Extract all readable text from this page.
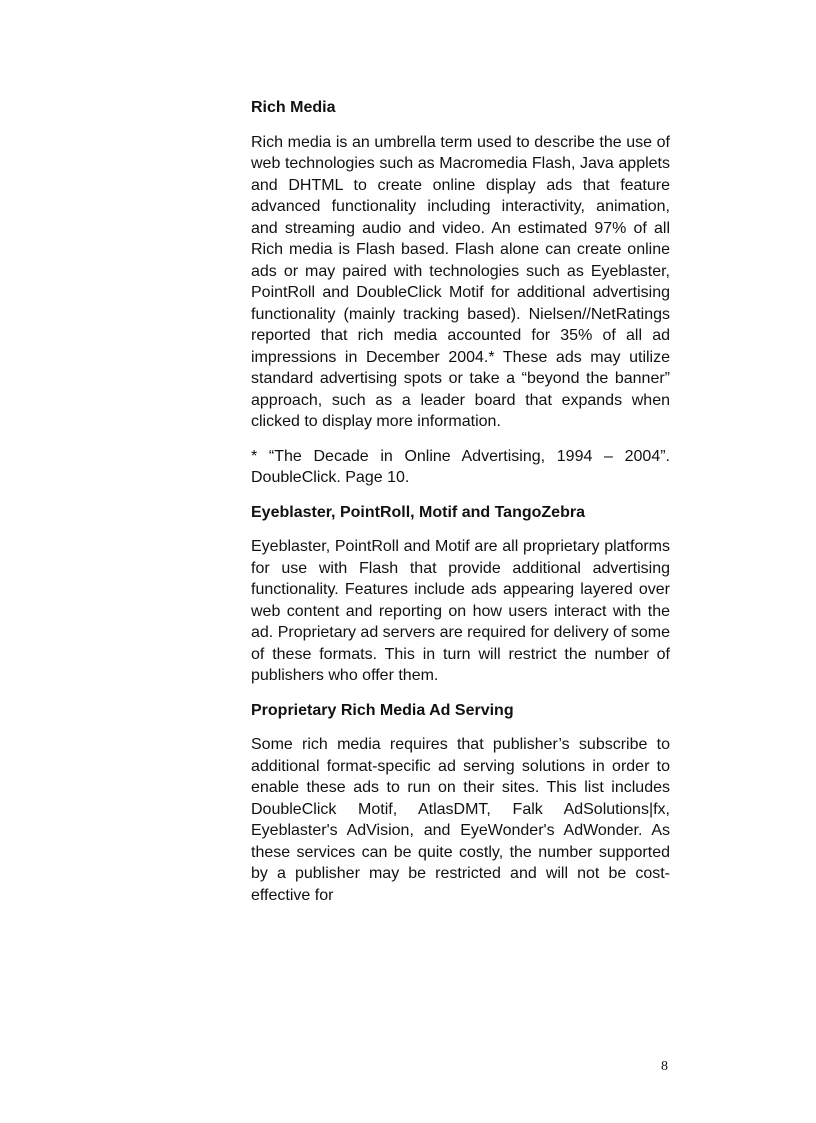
Rich Media

Rich media is an umbrella term used to describe the use of web technologies such as Macromedia Flash, Java applets and DHTML to create online display ads that feature advanced functionality including interactivity, animation, and streaming audio and video. An estimated 97% of all Rich media is Flash based. Flash alone can create online ads or may paired with technologies such as Eyeblaster, PointRoll and DoubleClick Motif for additional advertising functionality (mainly tracking based). Nielsen//NetRatings reported that rich media accounted for 35% of all ad impressions in December 2004.* These ads may utilize standard advertising spots or take a “beyond the banner” approach, such as a leader board that expands when clicked to display more information.

* “The Decade in Online Advertising, 1994 – 2004”. DoubleClick. Page 10.

Eyeblaster, PointRoll, Motif and TangoZebra

Eyeblaster, PointRoll and Motif are all proprietary platforms for use with Flash that provide additional advertising functionality. Features include ads appearing layered over web content and reporting on how users interact with the ad. Proprietary ad servers are required for delivery of some of these formats. This in turn will restrict the number of publishers who offer them.

Proprietary Rich Media Ad Serving

Some rich media requires that publisher’s subscribe to additional format-specific ad serving solutions in order to enable these ads to run on their sites. This list includes DoubleClick Motif, AtlasDMT, Falk AdSolutions|fx, Eyeblaster's AdVision, and EyeWonder's AdWonder. As these services can be quite costly, the number supported by a publisher may be restricted and will not be cost-effective for

8
